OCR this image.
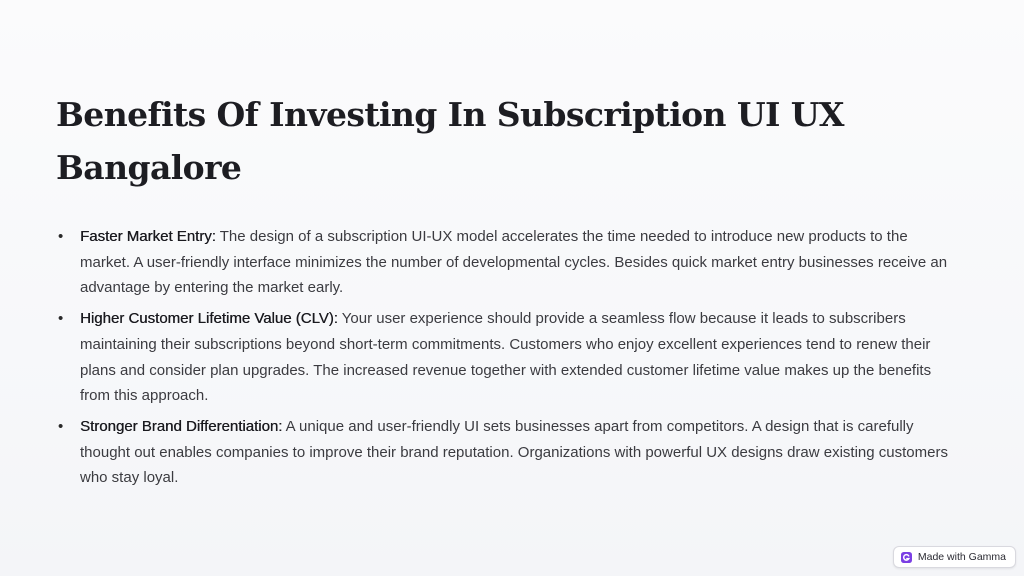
Benefits Of Investing In Subscription UI UX Bangalore
• Faster Market Entry: The design of a subscription UI-UX model accelerates the time needed to introduce new products to the market. A user-friendly interface minimizes the number of developmental cycles. Besides quick market entry businesses receive an advantage by entering the market early.
• Higher Customer Lifetime Value (CLV): Your user experience should provide a seamless flow because it leads to subscribers maintaining their subscriptions beyond short-term commitments. Customers who enjoy excellent experiences tend to renew their plans and consider plan upgrades. The increased revenue together with extended customer lifetime value makes up the benefits from this approach.
• Stronger Brand Differentiation: A unique and user-friendly UI sets businesses apart from competitors. A design that is carefully thought out enables companies to improve their brand reputation. Organizations with powerful UX designs draw existing customers who stay loyal.
Made with Gamma
